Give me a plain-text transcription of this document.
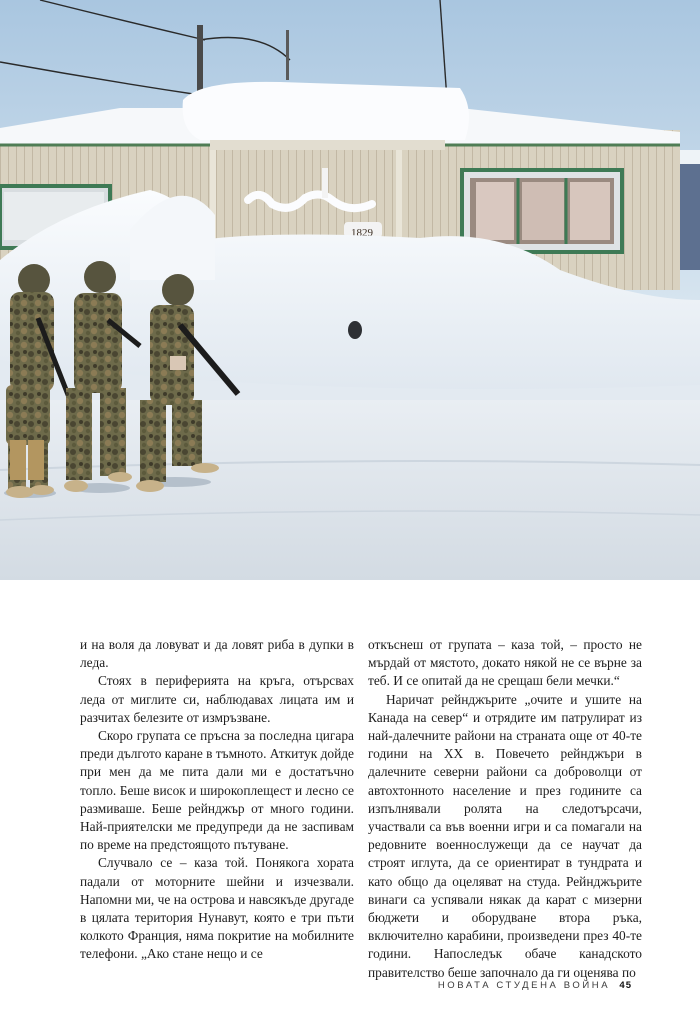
1829

и на воля да ловуват и да ловят риба в дупки в леда.

Стоях в периферията на кръга, отърсвах леда от миглите си, наблюдавах лицата им и разчитах белезите от измръзване.

Скоро групата се пръсна за последна цигара преди дългото каране в тъмното. Аткитук дойде при мен да ме пита дали ми е достатъчно топло. Беше висок и широкоплещест и лесно се размиваше. Беше рейнджър от много години. Най-приятелски ме предупреди да не заспивам по време на предстоящото пътуване.

Случвало се – каза той. Понякога хората падали от моторните шейни и изчезвали. Напомни ми, че на острова и навсякъде другаде в цялата територия Нунавут, която е три пъти колкото Франция, няма покритие на мобилните телефони. „Ако стане нещо и се

откъснеш от групата – каза той, – просто не мърдай от мястото, докато някой не се върне за теб. И се опитай да не срещаш бели мечки.“

Наричат рейнджърите „очите и ушите на Канада на север“ и отрядите им патрулират из най-далечните райони на страната още от 40-те години на XX в. Повечето рейнджъри в далечните северни райони са доброволци от автохтонното население и през годините са изпълнявали ролята на следотърсачи, участвали са във военни игри и са помагали на редовните военнослужещи да се научат да строят иглута, да се ориентират в тундрата и като общо да оцеляват на студа. Рейнджърите винаги са успявали някак да карат с мизерни бюджети и оборудване втора ръка, включително карабини, произведени през 40-те години. Напоследък обаче канадското правителство беше започнало да ги оценява по

НОВАТА СТУДЕНА ВОЙНА 45
